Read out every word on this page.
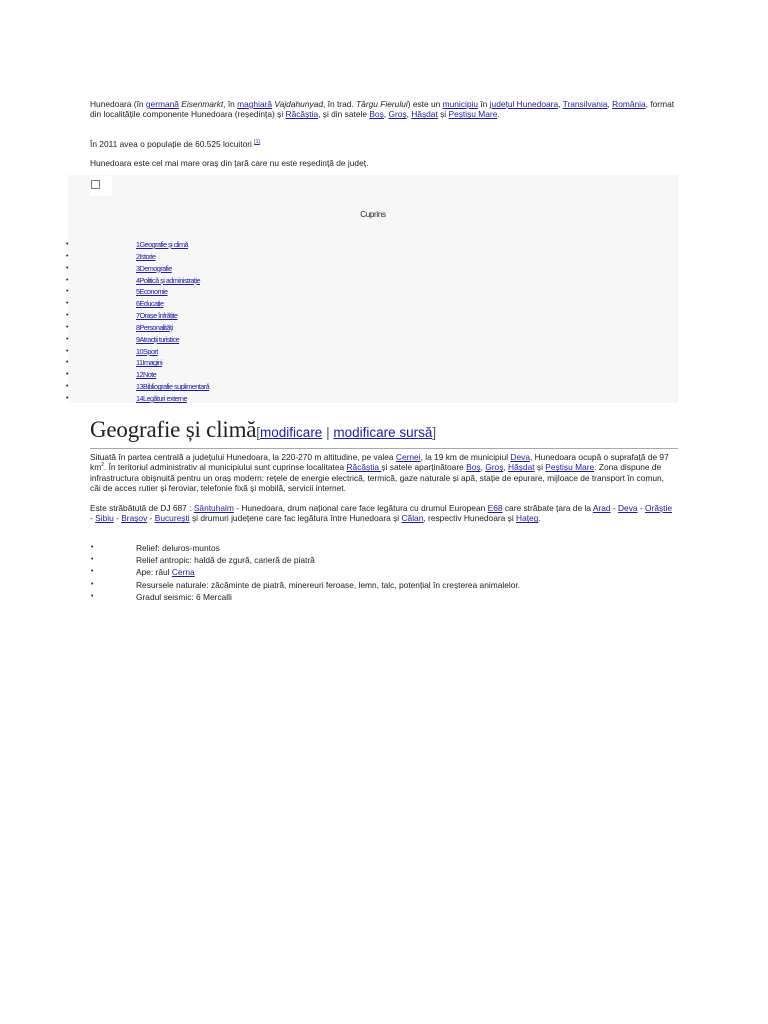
Hunedoara (în germană Eisenmarkt, în maghiară Vajdahunyad, în trad. Târgu Fierului) este un municipiu în județul Hunedoara, Transilvania, România, format din localitățile componente Hunedoara (reședința) și Răcăștia, și din satele Boș, Groș, Hășdat și Peștișu Mare.
În 2011 avea o populație de 60.525 locuitori [1]
Hunedoara este cel mai mare oraș din țară care nu este reședință de județ.
Cuprins
•	1Geografie și climă
•	2Istorie
•	3Demografie
•	4Politică și administrație
•	5Economie
•	6Educație
•	7Orașe înfrățite
•	8Personalități
•	9Atracții turistice
•	10Sport
•	11Imagini
•	12Note
•	13Bibliografie suplimentară
•	14Legături externe
Geografie și climă[modificare | modificare sursă]
Situată în partea centrală a județului Hunedoara, la 220-270 m altitudine, pe valea Cernei, la 19 km de municipiul Deva, Hunedoara ocupă o suprafață de 97 $km^2$. În teritoriul administrativ al municipiului sunt cuprinse localitatea Răcăștia și satele aparținătoare Boș, Groș, Hășdat și Peștișu Mare. Zona dispune de infrastructura obișnuită pentru un oraș modern: rețele de energie electrică, termică, gaze naturale și apă, stație de epurare, mijloace de transport în comun, căi de acces rutier și feroviar, telefonie fixă și mobilă, servicii internet.
Este străbătută de DJ 687 : Sântuhalm - Hunedoara, drum național care face legătura cu drumul European E68 care străbate țara de la Arad - Deva - Orăștie - Sibiu - Brașov - București și drumuri județene care fac legătura între Hunedoara și Călan, respectiv Hunedoara și Hațeg.
•	Relief: deluros-muntos
•	Relief antropic: haldă de zgură, carieră de piatră
•	Ape: râul Cerna
•	Resursele naturale: zăcăminte de piatră, minereuri feroase, lemn, talc, potențial în creșterea animalelor.
•	Gradul seismic: 6 Mercalli
